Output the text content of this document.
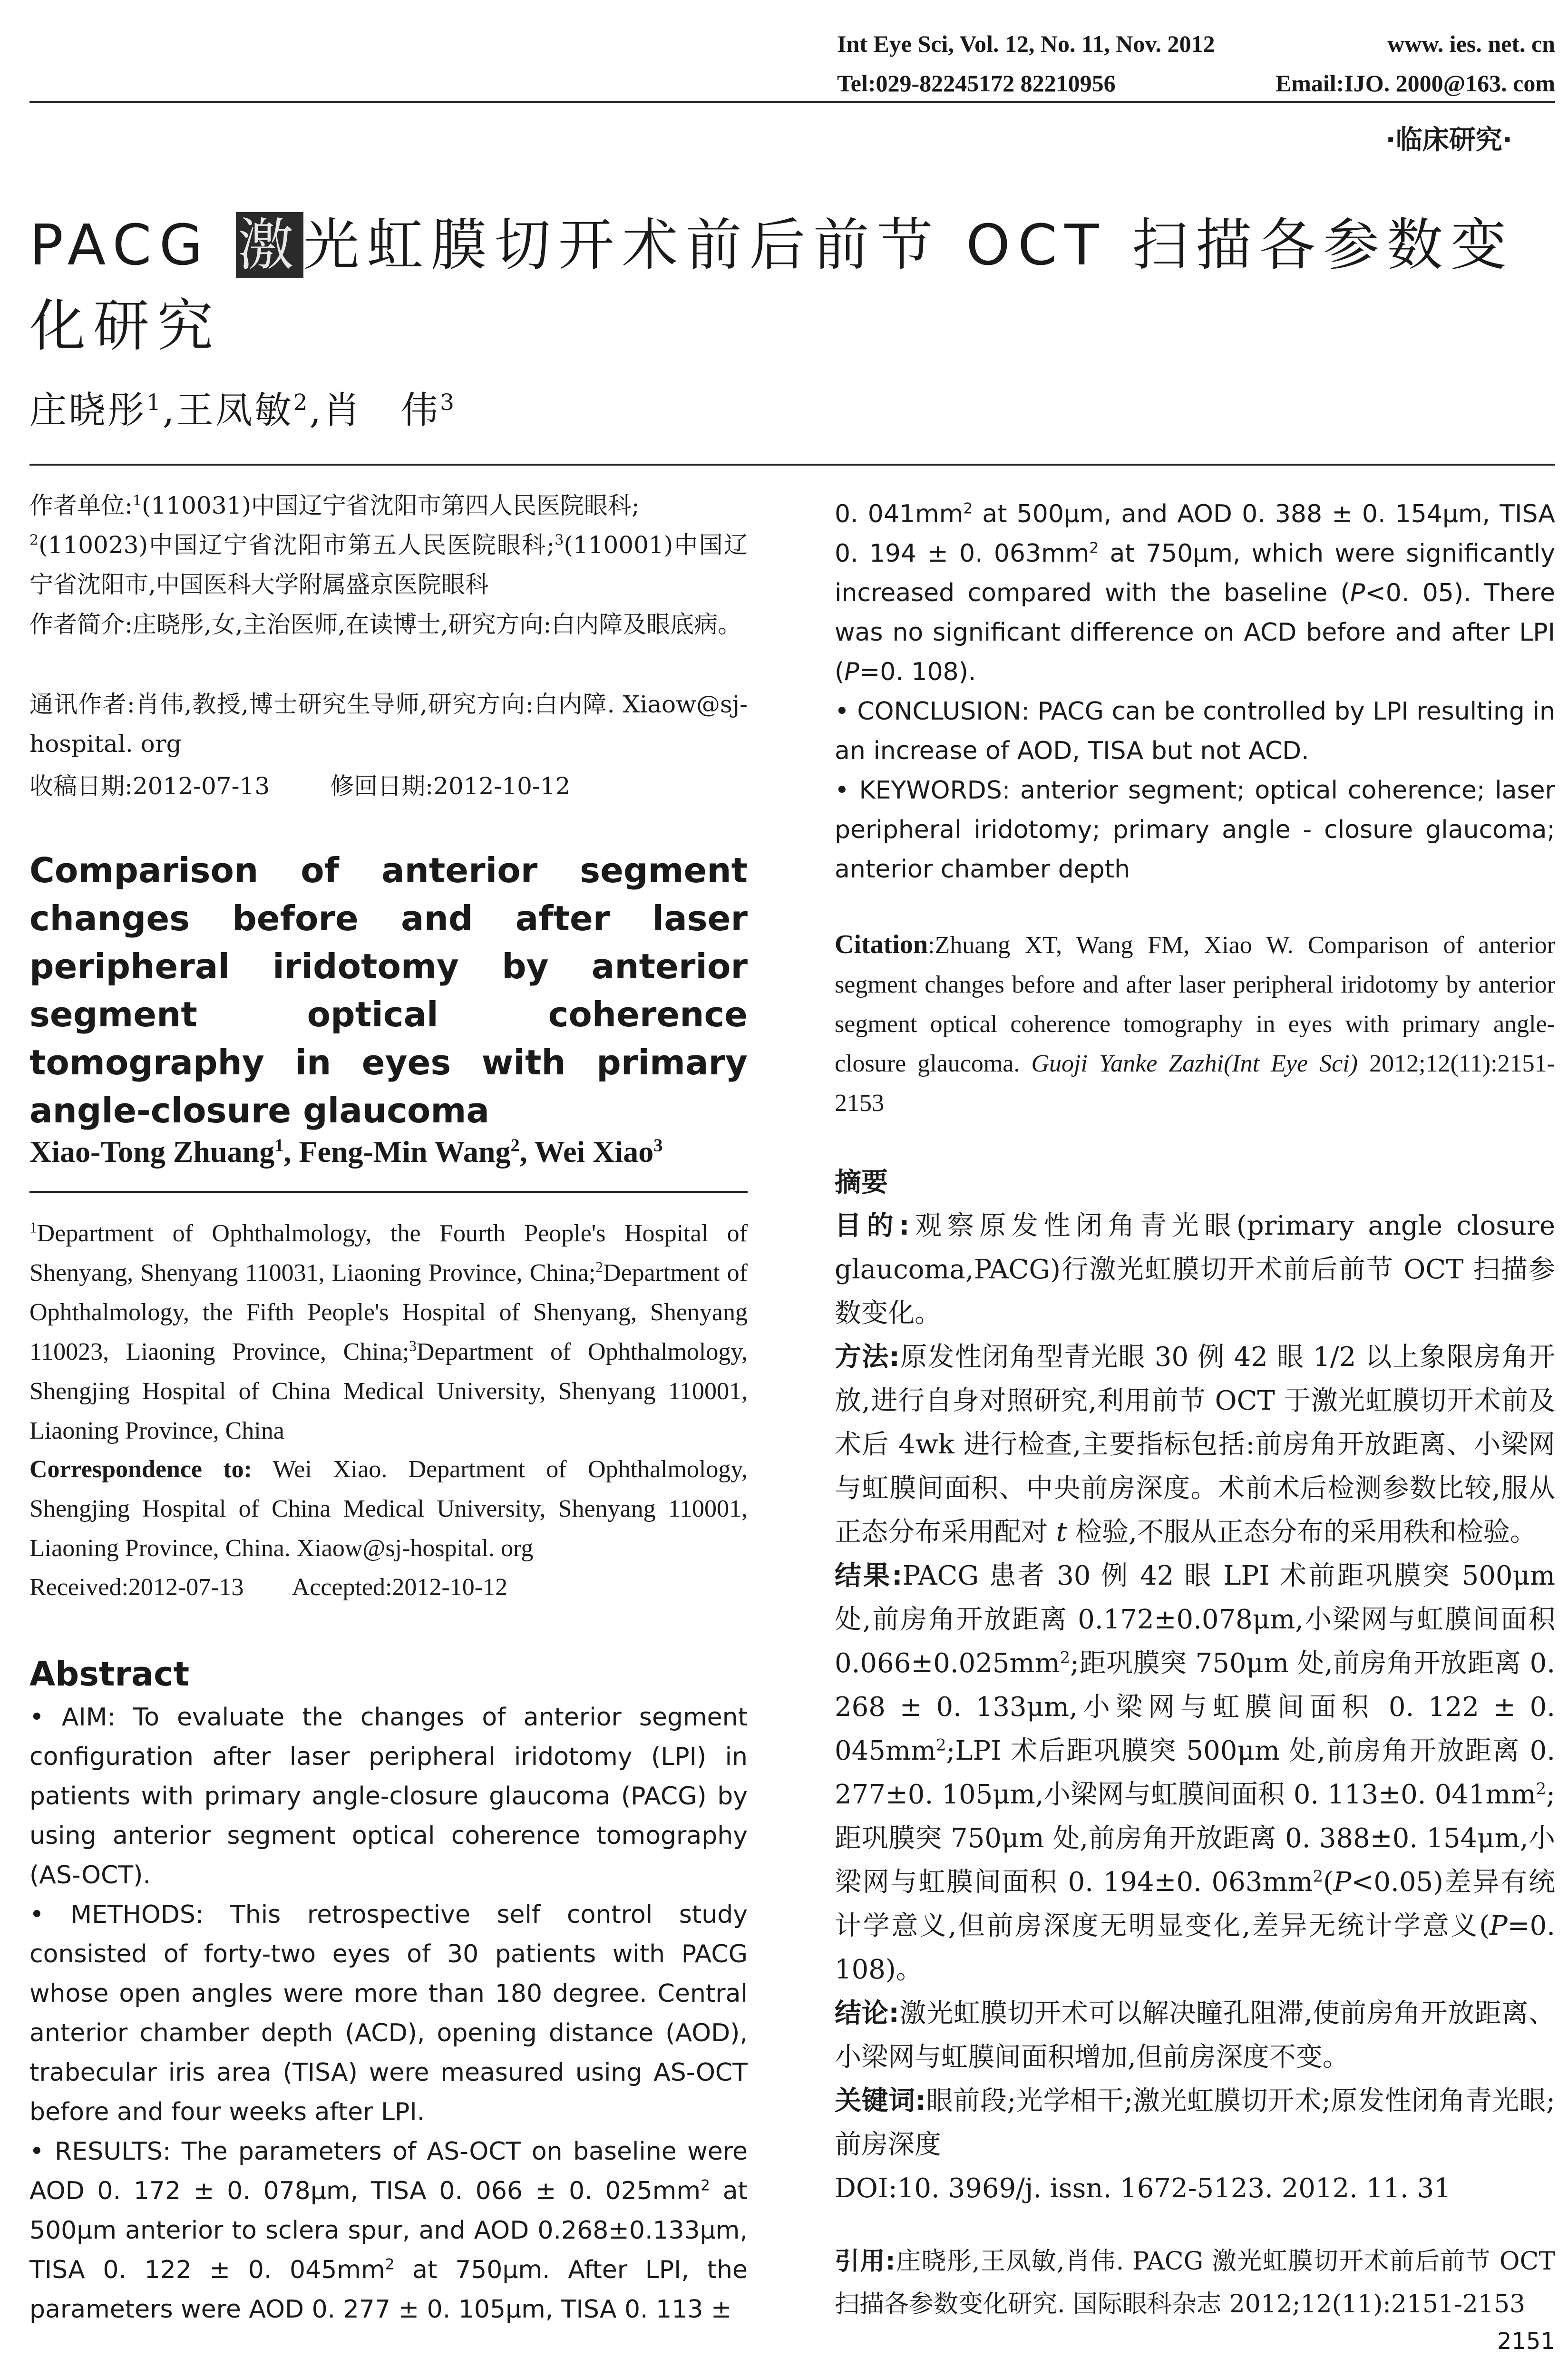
Int Eye Sci, Vol. 12, No. 11, Nov. 2012	www. ies. net. cn
Tel:029-82245172 82210956	Email:IJO. 2000@163. com
·临床研究·
PACG 激光虹膜切开术前后前节 OCT 扫描各参数变化研究
庄晓彤$^1$,王凤敏$^2$,肖　伟$^3$
作者单位:$^1$(110031)中国辽宁省沈阳市第四人民医院眼科;
$^2$(110023)中国辽宁省沈阳市第五人民医院眼科;$^3$(110001)中国辽宁省沈阳市,中国医科大学附属盛京医院眼科
作者简介:庄晓彤,女,主治医师,在读博士,研究方向:白内障及眼底病。
通讯作者:肖伟,教授,博士研究生导师,研究方向:白内障. Xiaow@sj-hospital. org
收稿日期:2012-07-13        修回日期:2012-10-12
Comparison of anterior segment changes before and after laser peripheral iridotomy by anterior segment optical coherence tomography in eyes with primary angle-closure glaucoma
Xiao-Tong Zhuang$^1$, Feng-Min Wang$^2$, Wei Xiao$^3$
$^1$Department of Ophthalmology, the Fourth People's Hospital of Shenyang, Shenyang 110031, Liaoning Province, China;$^2$Department of Ophthalmology, the Fifth People's Hospital of Shenyang, Shenyang 110023, Liaoning Province, China;$^3$Department of Ophthalmology, Shengjing Hospital of China Medical University, Shenyang 110001, Liaoning Province, China
Correspondence to: Wei Xiao. Department of Ophthalmology, Shengjing Hospital of China Medical University, Shenyang 110001, Liaoning Province, China. Xiaow@sj-hospital. org
Received:2012-07-13        Accepted:2012-10-12
Abstract

• AIM: To evaluate the changes of anterior segment configuration after laser peripheral iridotomy (LPI) in patients with primary angle-closure glaucoma (PACG) by using anterior segment optical coherence tomography (AS-OCT).

• METHODS: This retrospective self control study consisted of forty-two eyes of 30 patients with PACG whose open angles were more than 180 degree. Central anterior chamber depth (ACD), opening distance (AOD), trabecular iris area (TISA) were measured using AS-OCT before and four weeks after LPI.

• RESULTS: The parameters of AS-OCT on baseline were AOD 0. 172 ± 0. 078μm, TISA 0. 066 ± 0. $025mm^2$ at 500μm anterior to sclera spur, and AOD 0.268±0.133μm, TISA 0. 122 ± 0. $045mm^2$ at 750μm. After LPI, the parameters were AOD 0. 277 ± 0. 105μm, TISA 0. 113 ±

0. $041mm^2$ at 500μm, and AOD 0. 388 ± 0. 154μm, TISA 0. 194 ± 0. $063mm^2$ at 750μm, which were significantly increased compared with the baseline (P<0. 05). There was no significant difference on ACD before and after LPI (P=0. 108).

• CONCLUSION: PACG can be controlled by LPI resulting in an increase of AOD, TISA but not ACD.

• KEYWORDS: anterior segment; optical coherence; laser peripheral iridotomy; primary angle - closure glaucoma; anterior chamber depth

Citation:Zhuang XT, Wang FM, Xiao W. Comparison of anterior segment changes before and after laser peripheral iridotomy by anterior segment optical coherence tomography in eyes with primary angle-closure glaucoma. Guoji Yanke Zazhi(Int Eye Sci) 2012;12(11):2151-2153
摘要

目的:观察原发性闭角青光眼(primary angle closure glaucoma,PACG)行激光虹膜切开术前后前节 OCT 扫描参数变化。

方法:原发性闭角型青光眼 30 例 42 眼 1/2 以上象限房角开放,进行自身对照研究,利用前节 OCT 于激光虹膜切开术前及术后 4wk 进行检查,主要指标包括:前房角开放距离、小梁网与虹膜间面积、中央前房深度。术前术后检测参数比较,服从正态分布采用配对 t 检验,不服从正态分布的采用秩和检验。

结果:PACG 患者 30 例 42 眼 LPI 术前距巩膜突 500μm 处,前房角开放距离 0.172±0.078μm,小梁网与虹膜间面积 $0.066\pm 0.025mm^2$;距巩膜突 750μm 处,前房角开放距离 0. 268 ± 0. 133μm,小梁网与虹膜间面积 0. 122 ± 0. $045mm^2;LPI$ 术后距巩膜突 500μm 处,前房角开放距离 0. 277±0. 105μm,小梁网与虹膜间面积 0. 113±0. $041mm^2$;距巩膜突 750μm 处,前房角开放距离 0. 388±0. 154μm,小梁网与虹膜间面积 0. 194±0. $063mm^2(P<0.05)$差异有统计学意义,但前房深度无明显变化,差异无统计学意义(P=0. 108)。

结论:激光虹膜切开术可以解决瞳孔阻滞,使前房角开放距离、小梁网与虹膜间面积增加,但前房深度不变。

关键词:眼前段;光学相干;激光虹膜切开术;原发性闭角青光眼;前房深度

DOI:10. 3969/j. issn. 1672-5123. 2012. 11. 31

引用:庄晓彤,王凤敏,肖伟. PACG 激光虹膜切开术前后前节 OCT 扫描各参数变化研究. 国际眼科杂志 2012;12(11):2151-2153
2151
